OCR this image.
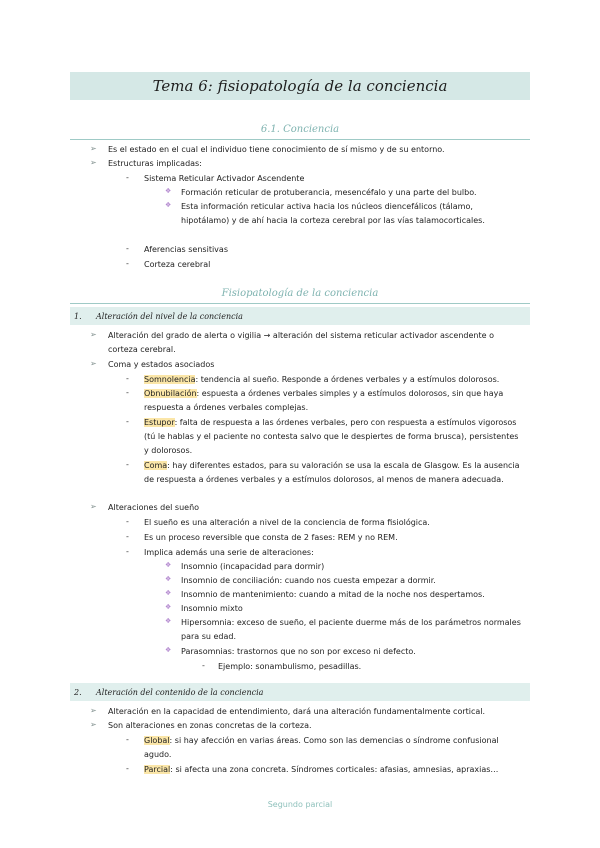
Tema 6: fisiopatología de la conciencia
6.1. Conciencia
➢ Es el estado en el cual el individuo tiene conocimiento de sí mismo y de su entorno.
➢ Estructuras implicadas:
- Sistema Reticular Activador Ascendente
❖ Formación reticular de protuberancia, mesencéfalo y una parte del bulbo.
❖ Esta información reticular activa hacia los núcleos diencefálicos (tálamo,
hipotálamo) y de ahí hacia la corteza cerebral por las vías talamocorticales.
- Aferencias sensitivas
- Corteza cerebral
Fisiopatología de la conciencia
1.	Alteración del nivel de la conciencia
➢ Alteración del grado de alerta o vigilia → alteración del sistema reticular activador ascendente o
corteza cerebral.
➢ Coma y estados asociados
- Somnolencia: tendencia al sueño. Responde a órdenes verbales y a estímulos dolorosos.
- Obnubilación: espuesta a órdenes verbales simples y a estímulos dolorosos, sin que haya
respuesta a órdenes verbales complejas.
- Estupor: falta de respuesta a las órdenes verbales, pero con respuesta a estímulos vigorosos
(tú le hablas y el paciente no contesta salvo que le despiertes de forma brusca), persistentes
y dolorosos.
- Coma: hay diferentes estados, para su valoración se usa la escala de Glasgow. Es la ausencia
de respuesta a órdenes verbales y a estímulos dolorosos, al menos de manera adecuada.
➢ Alteraciones del sueño
- El sueño es una alteración a nivel de la conciencia de forma fisiológica.
- Es un proceso reversible que consta de 2 fases: REM y no REM.
- Implica además una serie de alteraciones:
❖ Insomnio (incapacidad para dormir)
❖ Insomnio de conciliación: cuando nos cuesta empezar a dormir.
❖ Insomnio de mantenimiento: cuando a mitad de la noche nos despertamos.
❖ Insomnio mixto
❖ Hipersomnia: exceso de sueño, el paciente duerme más de los parámetros normales
para su edad.
❖ Parasomnias: trastornos que no son por exceso ni defecto.
- Ejemplo: sonambulismo, pesadillas.
2.	Alteración del contenido de la conciencia
➢ Alteración en la capacidad de entendimiento, dará una alteración fundamentalmente cortical.
➢ Son alteraciones en zonas concretas de la corteza.
- Global: si hay afección en varias áreas. Como son las demencias o síndrome confusional
agudo.
- Parcial: si afecta una zona concreta. Síndromes corticales: afasias, amnesias, apraxias…
Segundo parcial
